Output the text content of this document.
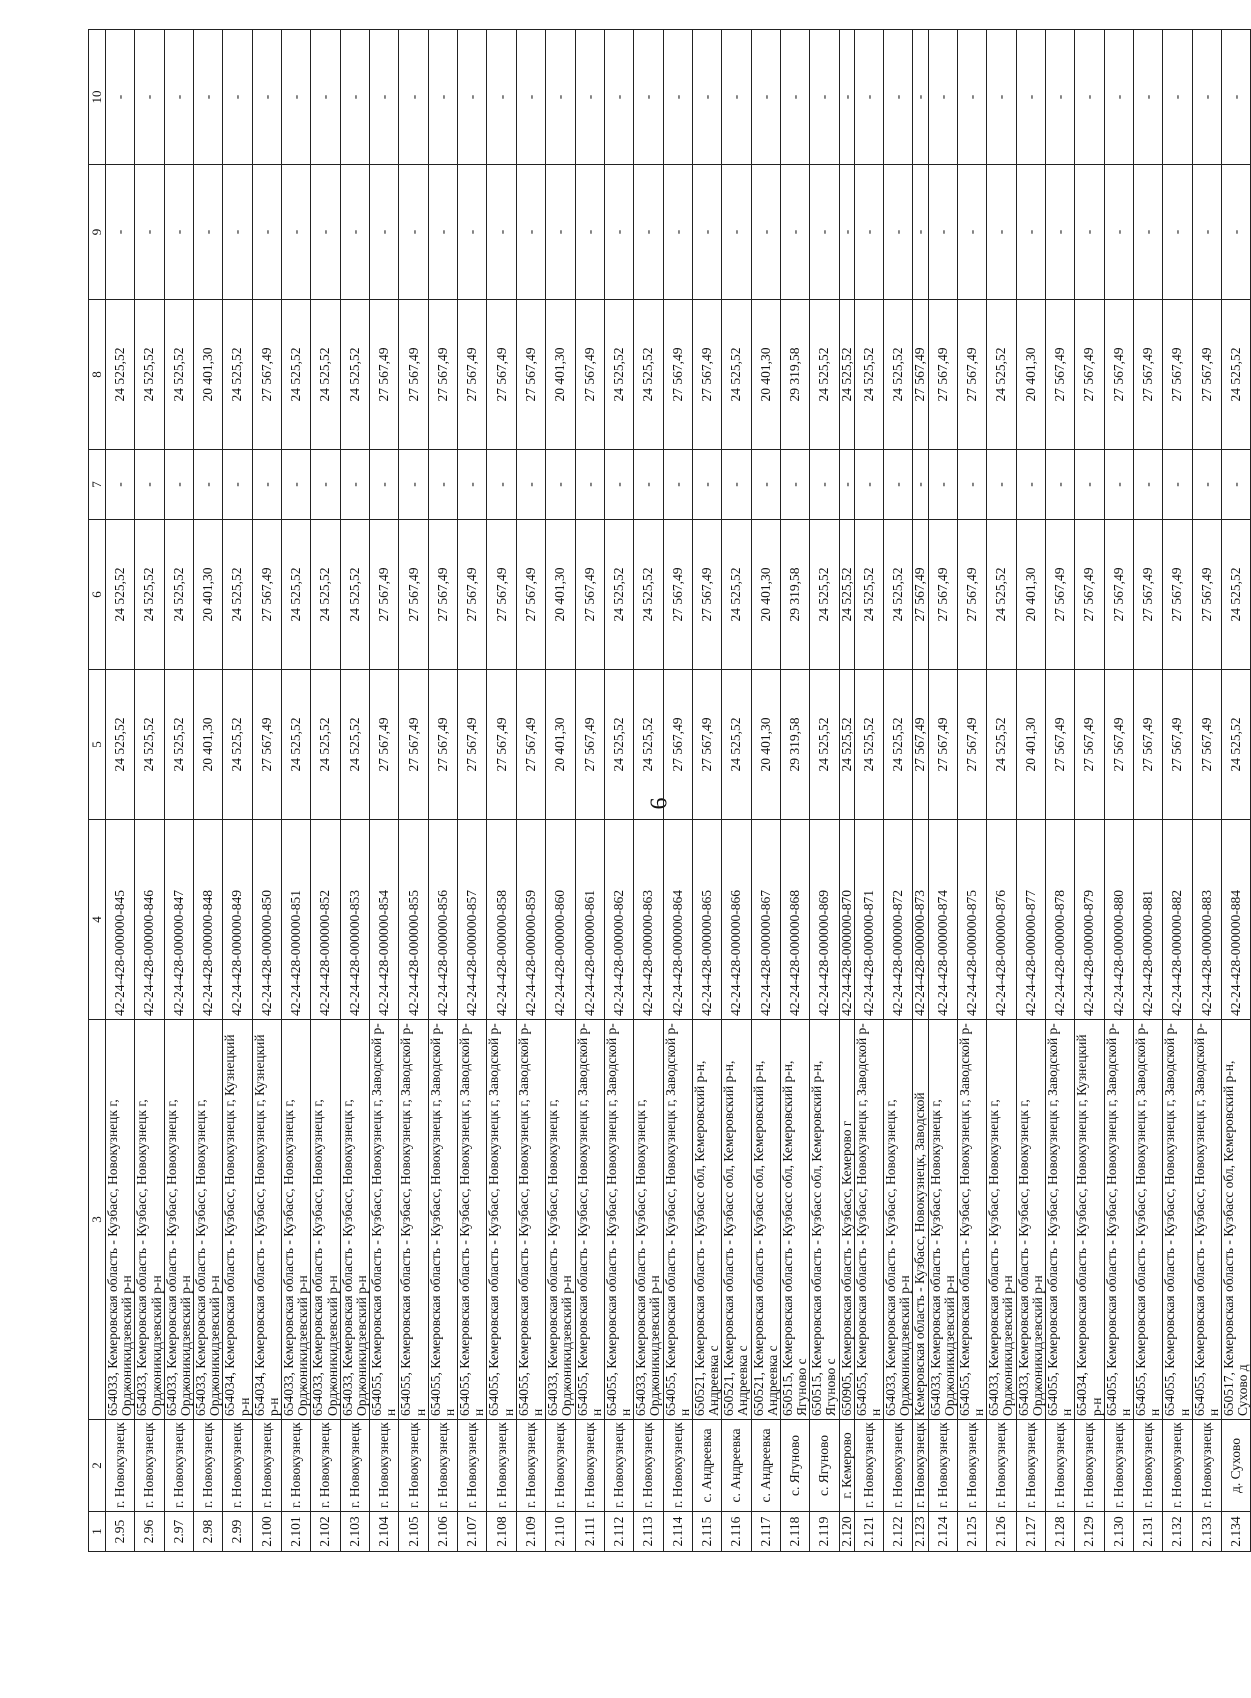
6
1	2	3	4	5	6	7	8	9	10
2.95	г. Новокузнецк	654033, Кемеровская область - Кузбасс, Новокузнецк г, Орджоникидзевский р-н	42-24-428-000000-845	24 525,52	24 525,52	-	24 525,52	-	-
2.96	г. Новокузнецк	654033, Кемеровская область - Кузбасс, Новокузнецк г, Орджоникидзевский р-н	42-24-428-000000-846	24 525,52	24 525,52	-	24 525,52	-	-
2.97	г. Новокузнецк	654033, Кемеровская область - Кузбасс, Новокузнецк г, Орджоникидзевский р-н	42-24-428-000000-847	24 525,52	24 525,52	-	24 525,52	-	-
2.98	г. Новокузнецк	654033, Кемеровская область - Кузбасс, Новокузнецк г, Орджоникидзевский р-н	42-24-428-000000-848	20 401,30	20 401,30	-	20 401,30	-	-
2.99	г. Новокузнецк	654034, Кемеровская область - Кузбасс, Новокузнецк г, Кузнецкий р-н	42-24-428-000000-849	24 525,52	24 525,52	-	24 525,52	-	-
2.100	г. Новокузнецк	654034, Кемеровская область - Кузбасс, Новокузнецк г, Кузнецкий р-н	42-24-428-000000-850	27 567,49	27 567,49	-	27 567,49	-	-
2.101	г. Новокузнецк	654033, Кемеровская область - Кузбасс, Новокузнецк г, Орджоникидзевский р-н	42-24-428-000000-851	24 525,52	24 525,52	-	24 525,52	-	-
2.102	г. Новокузнецк	654033, Кемеровская область - Кузбасс, Новокузнецк г, Орджоникидзевский р-н	42-24-428-000000-852	24 525,52	24 525,52	-	24 525,52	-	-
2.103	г. Новокузнецк	654033, Кемеровская область - Кузбасс, Новокузнецк г, Орджоникидзевский р-н	42-24-428-000000-853	24 525,52	24 525,52	-	24 525,52	-	-
2.104	г. Новокузнецк	654055, Кемеровская область - Кузбасс, Новокузнецк г, Заводской р-н	42-24-428-000000-854	27 567,49	27 567,49	-	27 567,49	-	-
2.105	г. Новокузнецк	654055, Кемеровская область - Кузбасс, Новокузнецк г, Заводской р-н	42-24-428-000000-855	27 567,49	27 567,49	-	27 567,49	-	-
2.106	г. Новокузнецк	654055, Кемеровская область - Кузбасс, Новокузнецк г, Заводской р-н	42-24-428-000000-856	27 567,49	27 567,49	-	27 567,49	-	-
2.107	г. Новокузнецк	654055, Кемеровская область - Кузбасс, Новокузнецк г, Заводской р-н	42-24-428-000000-857	27 567,49	27 567,49	-	27 567,49	-	-
2.108	г. Новокузнецк	654055, Кемеровская область - Кузбасс, Новокузнецк г, Заводской р-н	42-24-428-000000-858	27 567,49	27 567,49	-	27 567,49	-	-
2.109	г. Новокузнецк	654055, Кемеровская область - Кузбасс, Новокузнецк г, Заводской р-н	42-24-428-000000-859	27 567,49	27 567,49	-	27 567,49	-	-
2.110	г. Новокузнецк	654033, Кемеровская область - Кузбасс, Новокузнецк г, Орджоникидзевский р-н	42-24-428-000000-860	20 401,30	20 401,30	-	20 401,30	-	-
2.111	г. Новокузнецк	654055, Кемеровская область - Кузбасс, Новокузнецк г, Заводской р-н	42-24-428-000000-861	27 567,49	27 567,49	-	27 567,49	-	-
2.112	г. Новокузнецк	654055, Кемеровская область - Кузбасс, Новокузнецк г, Заводской р-н	42-24-428-000000-862	24 525,52	24 525,52	-	24 525,52	-	-
2.113	г. Новокузнецк	654033, Кемеровская область - Кузбасс, Новокузнецк г, Орджоникидзевский р-н	42-24-428-000000-863	24 525,52	24 525,52	-	24 525,52	-	-
2.114	г. Новокузнецк	654055, Кемеровская область - Кузбасс, Новокузнецк г, Заводской р-н	42-24-428-000000-864	27 567,49	27 567,49	-	27 567,49	-	-
2.115	с. Андреевка	650521, Кемеровская область - Кузбасс обл, Кемеровский р-н, Андреевка с	42-24-428-000000-865	27 567,49	27 567,49	-	27 567,49	-	-
2.116	с. Андреевка	650521, Кемеровская область - Кузбасс обл, Кемеровский р-н, Андреевка с	42-24-428-000000-866	24 525,52	24 525,52	-	24 525,52	-	-
2.117	с. Андреевка	650521, Кемеровская область - Кузбасс обл, Кемеровский р-н, Андреевка с	42-24-428-000000-867	20 401,30	20 401,30	-	20 401,30	-	-
2.118	с. Ягуново	650515, Кемеровская область - Кузбасс обл, Кемеровский р-н, Ягуново с	42-24-428-000000-868	29 319,58	29 319,58	-	29 319,58	-	-
2.119	с. Ягуново	650515, Кемеровская область - Кузбасс обл, Кемеровский р-н, Ягуново с	42-24-428-000000-869	24 525,52	24 525,52	-	24 525,52	-	-
2.120	г. Кемерово	650905, Кемеровская область - Кузбасс, Кемерово г	42-24-428-000000-870	24 525,52	24 525,52	-	24 525,52	-	-
2.121	г. Новокузнецк	654055, Кемеровская область - Кузбасс, Новокузнецк г, Заводской р-н	42-24-428-000000-871	24 525,52	24 525,52	-	24 525,52	-	-
2.122	г. Новокузнецк	654033, Кемеровская область - Кузбасс, Новокузнецк г, Орджоникидзевский р-н	42-24-428-000000-872	24 525,52	24 525,52	-	24 525,52	-	-
2.123	г. Новокузнецк	Кемеровская область - Кузбасс, Новокузнецк, Заводской	42-24-428-000000-873	27 567,49	27 567,49	-	27 567,49	-	-
2.124	г. Новокузнецк	654033, Кемеровская область - Кузбасс, Новокузнецк г, Орджоникидзевский р-н	42-24-428-000000-874	27 567,49	27 567,49	-	27 567,49	-	-
2.125	г. Новокузнецк	654055, Кемеровская область - Кузбасс, Новокузнецк г, Заводской р-н	42-24-428-000000-875	27 567,49	27 567,49	-	27 567,49	-	-
2.126	г. Новокузнецк	654033, Кемеровская область - Кузбасс, Новокузнецк г, Орджоникидзевский р-н	42-24-428-000000-876	24 525,52	24 525,52	-	24 525,52	-	-
2.127	г. Новокузнецк	654033, Кемеровская область - Кузбасс, Новокузнецк г, Орджоникидзевский р-н	42-24-428-000000-877	20 401,30	20 401,30	-	20 401,30	-	-
2.128	г. Новокузнецк	654055, Кемеровская область - Кузбасс, Новокузнецк г, Заводской р-н	42-24-428-000000-878	27 567,49	27 567,49	-	27 567,49	-	-
2.129	г. Новокузнецк	654034, Кемеровская область - Кузбасс, Новокузнецк г, Кузнецкий р-н	42-24-428-000000-879	27 567,49	27 567,49	-	27 567,49	-	-
2.130	г. Новокузнецк	654055, Кемеровская область - Кузбасс, Новокузнецк г, Заводской р-н	42-24-428-000000-880	27 567,49	27 567,49	-	27 567,49	-	-
2.131	г. Новокузнецк	654055, Кемеровская область - Кузбасс, Новокузнецк г, Заводской р-н	42-24-428-000000-881	27 567,49	27 567,49	-	27 567,49	-	-
2.132	г. Новокузнецк	654055, Кемеровская область - Кузбасс, Новокузнецк г, Заводской р-н	42-24-428-000000-882	27 567,49	27 567,49	-	27 567,49	-	-
2.133	г. Новокузнецк	654055, Кемеровская область - Кузбасс, Новокузнецк г, Заводской р-н	42-24-428-000000-883	27 567,49	27 567,49	-	27 567,49	-	-
2.134	д. Сухово	650517, Кемеровская область - Кузбасс обл, Кемеровский р-н, Сухово д	42-24-428-000000-884	24 525,52	24 525,52	-	24 525,52	-	-
